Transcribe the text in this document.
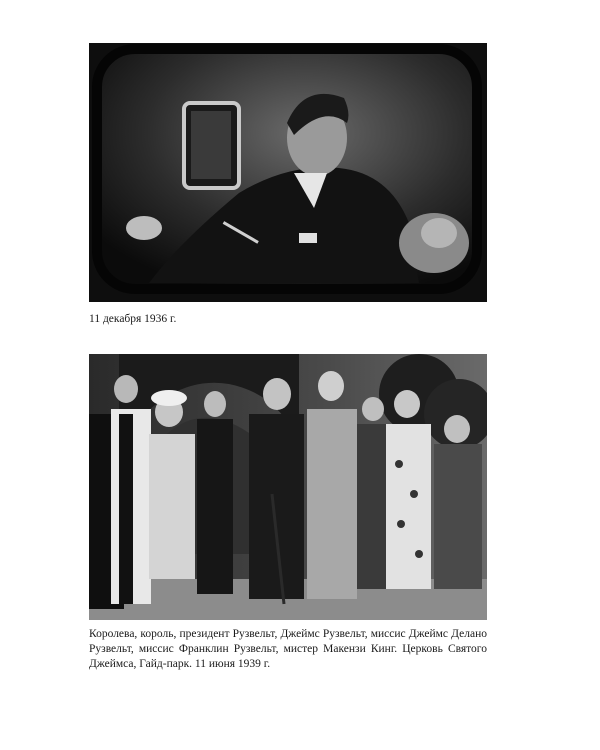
11 декабря 1936 г.
Королева, король, президент Рузвельт, Джеймс Рузвельт, миссис Джеймс Делано Рузвельт, миссис Франклин Рузвельт, мистер Макензи Кинг. Церковь Святого Джеймса, Гайд-парк. 11 июня 1939 г.
